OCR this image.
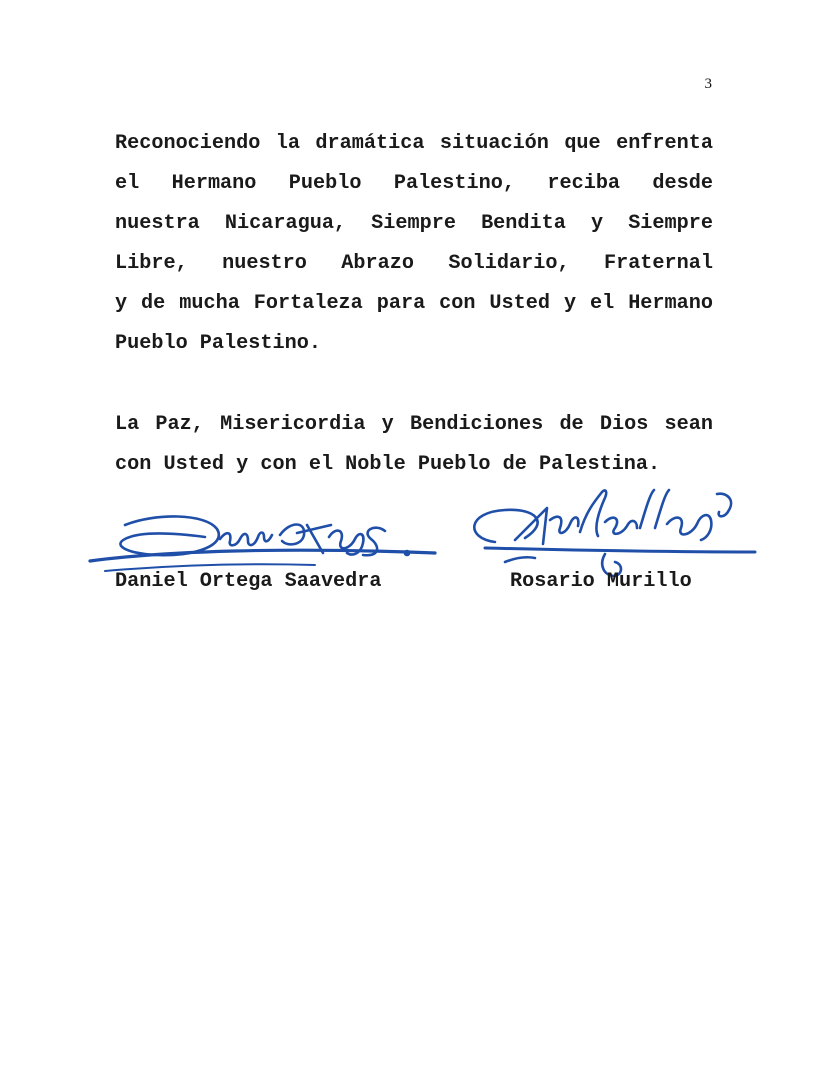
3
Reconociendo la dramática situación que enfrenta
el Hermano Pueblo Palestino, reciba desde
nuestra Nicaragua, Siempre Bendita y Siempre
Libre, nuestro Abrazo Solidario, Fraternal
y de mucha Fortaleza para con Usted y el Hermano
Pueblo Palestino.
La Paz, Misericordia y Bendiciones de Dios sean
con Usted y con el Noble Pueblo de Palestina.
Daniel Ortega Saavedra	Rosario Murillo
